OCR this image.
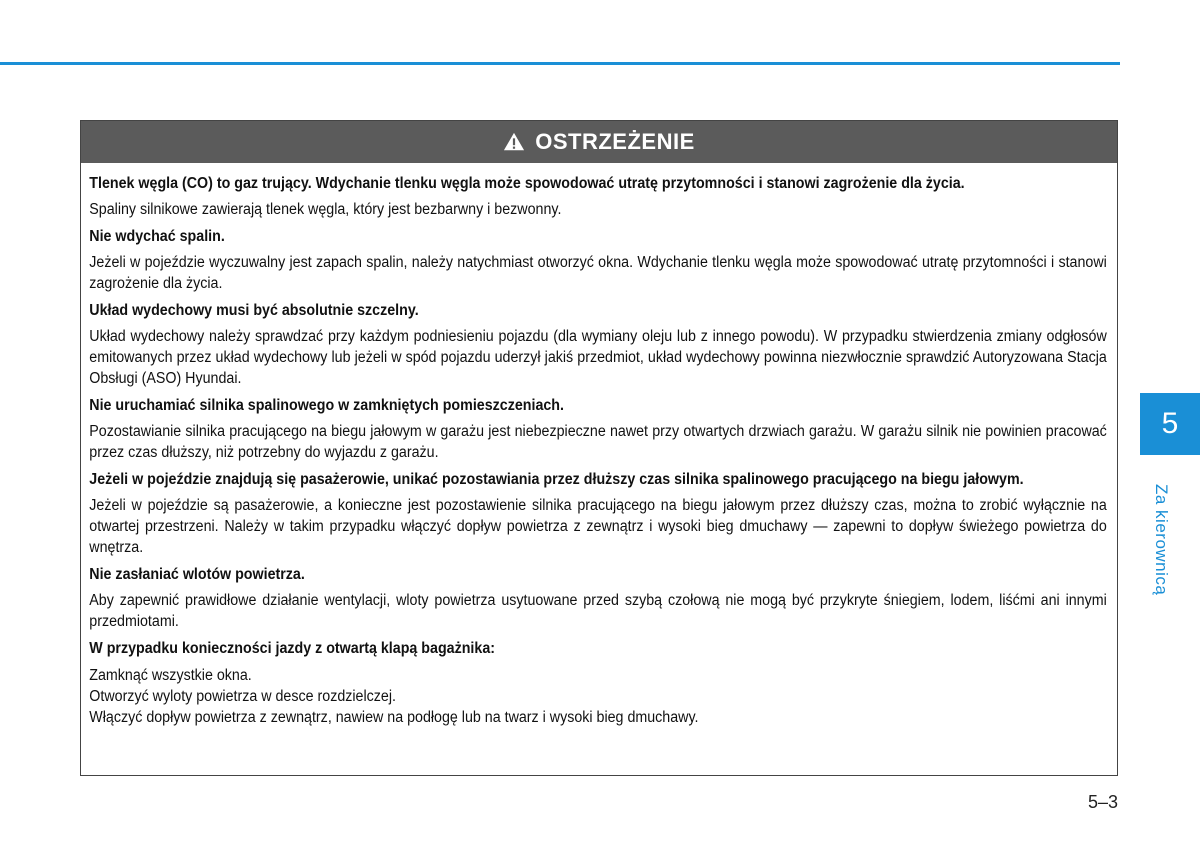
OSTRZEŻENIE

Tlenek węgla (CO) to gaz trujący. Wdychanie tlenku węgla może spowodować utratę przytomności i stanowi zagrożenie dla życia.

Spaliny silnikowe zawierają tlenek węgla, który jest bezbarwny i bezwonny.

Nie wdychać spalin.

Jeżeli w pojeździe wyczuwalny jest zapach spalin, należy natychmiast otworzyć okna. Wdychanie tlenku węgla może spowodować utratę przytomności i stanowi zagrożenie dla życia.

Układ wydechowy musi być absolutnie szczelny.

Układ wydechowy należy sprawdzać przy każdym podniesieniu pojazdu (dla wymiany oleju lub z innego powodu). W przypadku stwierdzenia zmiany odgłosów emitowanych przez układ wydechowy lub jeżeli w spód pojazdu uderzył jakiś przedmiot, układ wydechowy powinna niezwłocznie sprawdzić Autoryzowana Stacja Obsługi (ASO) Hyundai.

Nie uruchamiać silnika spalinowego w zamkniętych pomieszczeniach.

Pozostawianie silnika pracującego na biegu jałowym w garażu jest niebezpieczne nawet przy otwartych drzwiach garażu. W garażu silnik nie powinien pracować przez czas dłuższy, niż potrzebny do wyjazdu z garażu.

Jeżeli w pojeździe znajdują się pasażerowie, unikać pozostawiania przez dłuższy czas silnika spalinowego pracującego na biegu jałowym.

Jeżeli w pojeździe są pasażerowie, a konieczne jest pozostawienie silnika pracującego na biegu jałowym przez dłuższy czas, można to zrobić wyłącznie na otwartej przestrzeni. Należy w takim przypadku włączyć dopływ powietrza z zewnątrz i wysoki bieg dmuchawy — zapewni to dopływ świeżego powietrza do wnętrza.

Nie zasłaniać wlotów powietrza.

Aby zapewnić prawidłowe działanie wentylacji, wloty powietrza usytuowane przed szybą czołową nie mogą być przykryte śniegiem, lodem, liśćmi ani innymi przedmiotami.

W przypadku konieczności jazdy z otwartą klapą bagażnika:

Zamknąć wszystkie okna.
Otworzyć wyloty powietrza w desce rozdzielczej.
Włączyć dopływ powietrza z zewnątrz, nawiew na podłogę lub na twarz i wysoki bieg dmuchawy.

5
Za kierownicą
5–3
